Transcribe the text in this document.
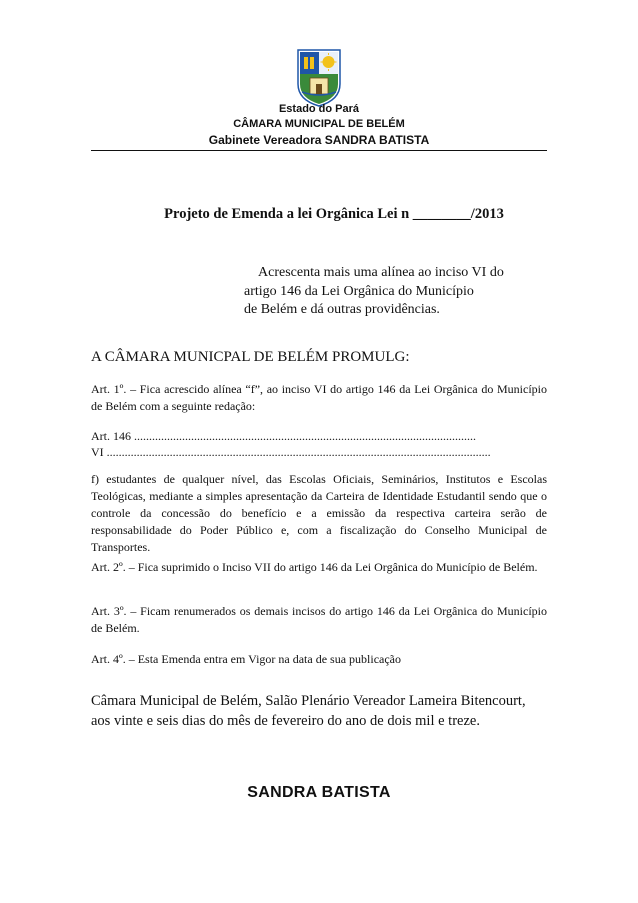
Estado do Pará
CÂMARA MUNICIPAL DE BELÉM
Gabinete Vereadora SANDRA BATISTA
Projeto de Emenda a lei Orgânica Lei n ________/2013

Acrescenta mais uma alínea ao inciso VI do

artigo 146 da Lei Orgânica do Município

de Belém e dá outras providências.

A CÂMARA MUNICPAL DE BELÉM PROMULG:

Art. 1º. – Fica acrescido alínea “f”, ao inciso VI do artigo 146 da Lei Orgânica do Município de Belém com a seguinte redação:

Art. 146 ..................................................................................................................
VI ................................................................................................................................

f) estudantes de qualquer nível, das Escolas Oficiais, Seminários, Institutos e Escolas Teológicas, mediante a simples apresentação da Carteira de Identidade Estudantil sendo que o controle da concessão do benefício e a emissão da respectiva carteira serão de responsabilidade do Poder Público e, com a fiscalização do Conselho Municipal de Transportes.

Art. 2º. – Fica suprimido o Inciso VII do artigo 146 da Lei Orgânica do Município de Belém.

Art. 3º. – Ficam renumerados os demais incisos do artigo 146 da Lei Orgânica do Município de Belém.

Art. 4º. – Esta Emenda entra em Vigor na data de sua publicação

Câmara Municipal de Belém, Salão Plenário Vereador Lameira Bitencourt,

aos vinte e seis dias do mês de fevereiro do ano de dois mil e treze.

SANDRA BATISTA
